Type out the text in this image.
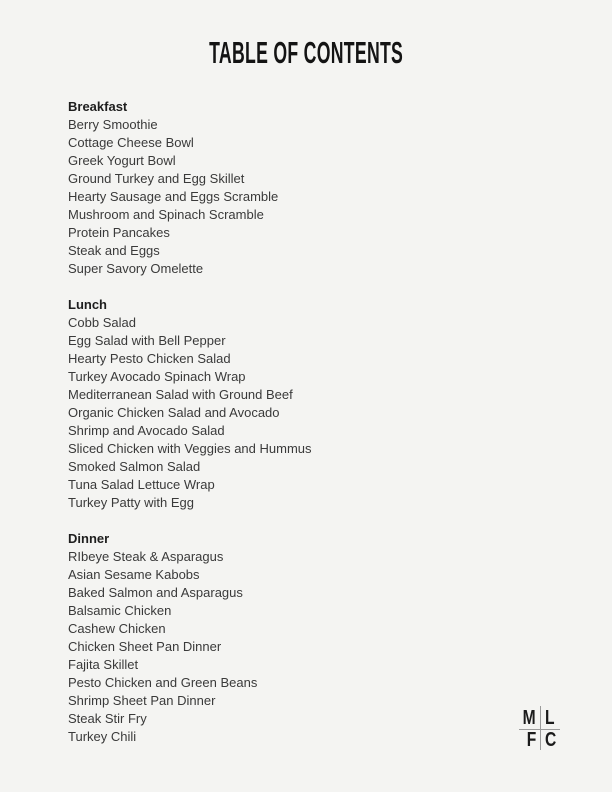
TABLE OF CONTENTS
Breakfast
Berry Smoothie
Cottage Cheese Bowl
Greek Yogurt Bowl
Ground Turkey and Egg Skillet
Hearty Sausage and Eggs Scramble
Mushroom and Spinach Scramble
Protein Pancakes
Steak and Eggs
Super Savory Omelette
Lunch
Cobb Salad
Egg Salad with Bell Pepper
Hearty Pesto Chicken Salad
Turkey Avocado Spinach Wrap
Mediterranean Salad with Ground Beef
Organic Chicken Salad and Avocado
Shrimp and Avocado Salad
Sliced Chicken with Veggies and Hummus
Smoked Salmon Salad
Tuna Salad Lettuce Wrap
Turkey Patty with Egg
Dinner
RIbeye Steak & Asparagus
Asian Sesame Kabobs
Baked Salmon and Asparagus
Balsamic Chicken
Cashew Chicken
Chicken Sheet Pan Dinner
Fajita Skillet
Pesto Chicken and Green Beans
Shrimp Sheet Pan Dinner
Steak Stir Fry
Turkey Chili
M L
F C
